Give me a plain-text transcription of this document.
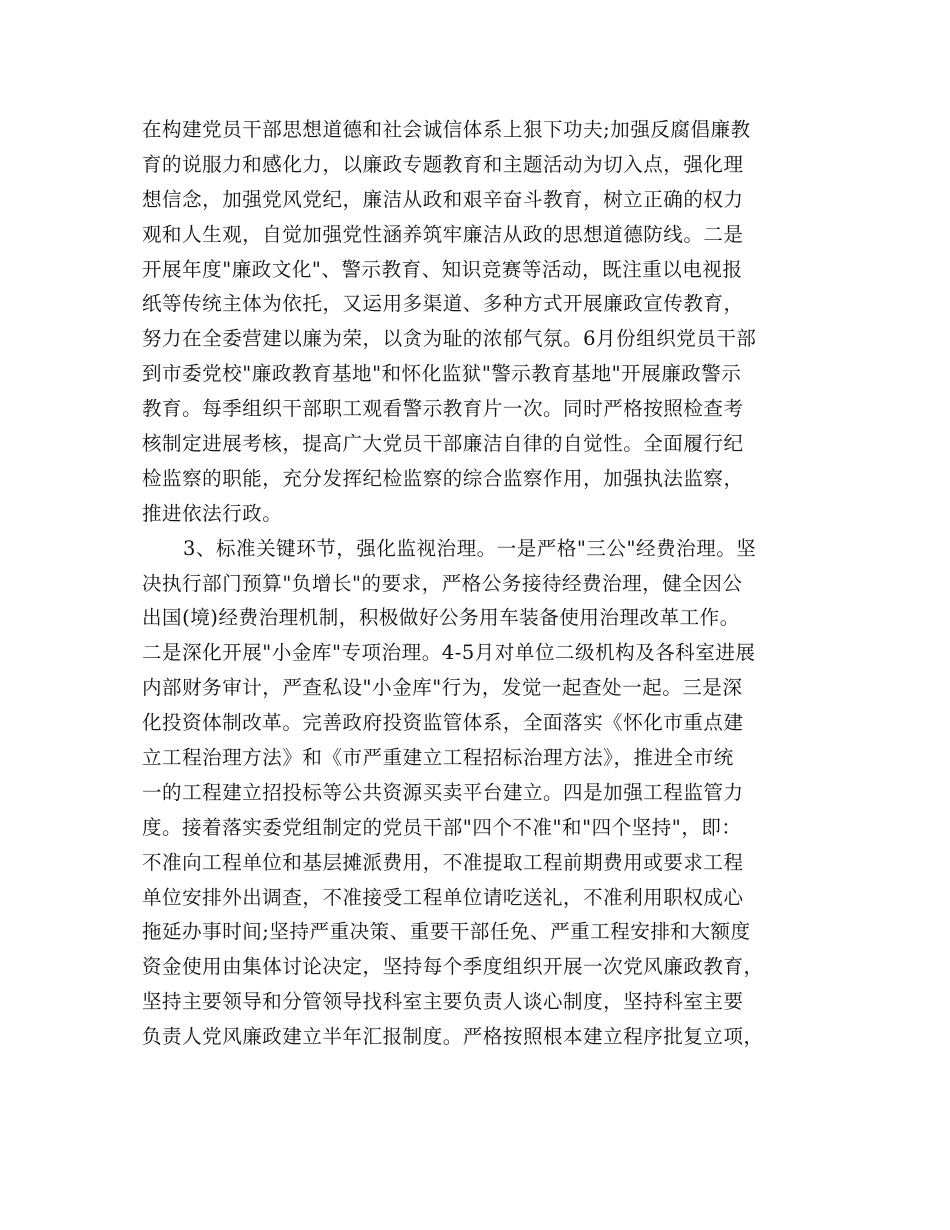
在构建党员干部思想道德和社会诚信体系上狠下功夫;加强反腐倡廉教
育的说服力和感化力，以廉政专题教育和主题活动为切入点，强化理
想信念，加强党风党纪，廉洁从政和艰辛奋斗教育，树立正确的权力
观和人生观，自觉加强党性涵养筑牢廉洁从政的思想道德防线。二是
开展年度"廉政文化"、警示教育、知识竞赛等活动，既注重以电视报
纸等传统主体为依托，又运用多渠道、多种方式开展廉政宣传教育，
努力在全委营建以廉为荣，以贪为耻的浓郁气氛。6月份组织党员干部
到市委党校"廉政教育基地"和怀化监狱"警示教育基地"开展廉政警示
教育。每季组织干部职工观看警示教育片一次。同时严格按照检查考
核制定进展考核，提高广大党员干部廉洁自律的自觉性。全面履行纪
检监察的职能，充分发挥纪检监察的综合监察作用，加强执法监察，
推进依法行政。
3、标准关键环节，强化监视治理。一是严格"三公"经费治理。坚
决执行部门预算"负增长"的要求，严格公务接待经费治理，健全因公
出国(境)经费治理机制，积极做好公务用车装备使用治理改革工作。
二是深化开展"小金库"专项治理。4-5月对单位二级机构及各科室进展
内部财务审计，严查私设"小金库"行为，发觉一起查处一起。三是深
化投资体制改革。完善政府投资监管体系，全面落实《怀化市重点建
立工程治理方法》和《市严重建立工程招标治理方法》，推进全市统
一的工程建立招投标等公共资源买卖平台建立。四是加强工程监管力
度。接着落实委党组制定的党员干部"四个不准"和"四个坚持"，即：
不准向工程单位和基层摊派费用，不准提取工程前期费用或要求工程
单位安排外出调查，不准接受工程单位请吃送礼，不准利用职权成心
拖延办事时间;坚持严重决策、重要干部任免、严重工程安排和大额度
资金使用由集体讨论决定，坚持每个季度组织开展一次党风廉政教育，
坚持主要领导和分管领导找科室主要负责人谈心制度，坚持科室主要
负责人党风廉政建立半年汇报制度。严格按照根本建立程序批复立项，
